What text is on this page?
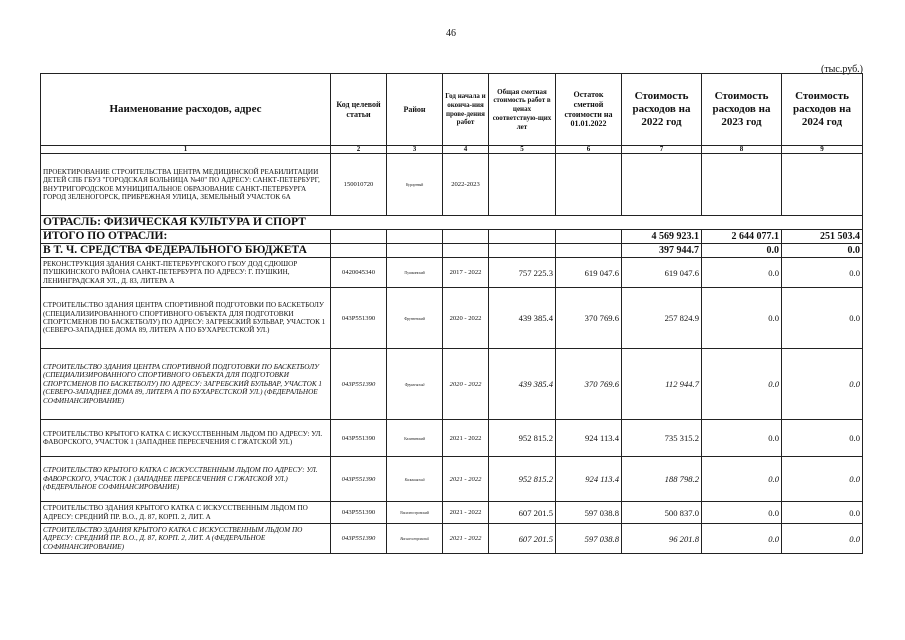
46
(тыс.руб.)
Наименование расходов, адрес	Код целевой статьи	Район	Год начала и оконча-ния прове-дения работ	Общая сметная стоимость работ в ценах соответствую-щих лет	Остаток сметной стоимости на 01.01.2022	Стоимость расходов на 2022 год	Стоимость расходов на 2023 год	Стоимость расходов на 2024 год
1	2	3	4	5	6	7	8	9
ПРОЕКТИРОВАНИЕ СТРОИТЕЛЬСТВА ЦЕНТРА МЕДИЦИНСКОЙ РЕАБИЛИТАЦИИ ДЕТЕЙ СПБ ГБУЗ "ГОРОДСКАЯ БОЛЬНИЦА №40" ПО АДРЕСУ: САНКТ-ПЕТЕРБУРГ, ВНУТРИГОРОДСКОЕ МУНИЦИПАЛЬНОЕ ОБРАЗОВАНИЕ САНКТ-ПЕТЕРБУРГА ГОРОД ЗЕЛЕНОГОРСК, ПРИБРЕЖНАЯ УЛИЦА, ЗЕМЕЛЬНЫЙ УЧАСТОК 6А	150010720	Курортный	2022-2023					
ОТРАСЛЬ: ФИЗИЧЕСКАЯ КУЛЬТУРА И СПОРТ								
ИТОГО ПО ОТРАСЛИ:						4 569 923.1	2 644 077.1	251 503.4
В Т. Ч. СРЕДСТВА ФЕДЕРАЛЬНОГО БЮДЖЕТА						397 944.7	0.0	0.0
РЕКОНСТРУКЦИЯ ЗДАНИЯ САНКТ-ПЕТЕРБУРГСКОГО ГБОУ ДОД СДЮШОР ПУШКИНСКОГО РАЙОНА САНКТ-ПЕТЕРБУРГА ПО АДРЕСУ: Г. ПУШКИН, ЛЕНИНГРАДСКАЯ УЛ., Д. 83, ЛИТЕРА А	0420045340	Пушкинский	2017 - 2022	757 225.3	619 047.6	619 047.6	0.0	0.0
СТРОИТЕЛЬСТВО ЗДАНИЯ ЦЕНТРА СПОРТИВНОЙ ПОДГОТОВКИ ПО БАСКЕТБОЛУ (СПЕЦИАЛИЗИРОВАННОГО СПОРТИВНОГО ОБЪЕКТА ДЛЯ ПОДГОТОВКИ СПОРТСМЕНОВ ПО БАСКЕТБОЛУ) ПО АДРЕСУ: ЗАГРЕБСКИЙ БУЛЬВАР, УЧАСТОК 1 (СЕВЕРО-ЗАПАДНЕЕ ДОМА 89, ЛИТЕРА А ПО БУХАРЕСТСКОЙ УЛ.)	043Р551390	Фрунзенский	2020 - 2022	439 385.4	370 769.6	257 824.9	0.0	0.0
СТРОИТЕЛЬСТВО ЗДАНИЯ ЦЕНТРА СПОРТИВНОЙ ПОДГОТОВКИ ПО БАСКЕТБОЛУ (СПЕЦИАЛИЗИРОВАННОГО СПОРТИВНОГО ОБЪЕКТА ДЛЯ ПОДГОТОВКИ СПОРТСМЕНОВ ПО БАСКЕТБОЛУ) ПО АДРЕСУ: ЗАГРЕБСКИЙ БУЛЬВАР, УЧАСТОК 1 (СЕВЕРО-ЗАПАДНЕЕ ДОМА 89, ЛИТЕРА А ПО БУХАРЕСТСКОЙ УЛ.) (ФЕДЕРАЛЬНОЕ СОФИНАНСИРОВАНИЕ)	043Р551390	Фрунзенский	2020 - 2022	439 385.4	370 769.6	112 944.7	0.0	0.0
СТРОИТЕЛЬСТВО КРЫТОГО КАТКА С ИСКУССТВЕННЫМ ЛЬДОМ ПО АДРЕСУ: УЛ. ФАВОРСКОГО, УЧАСТОК 1 (ЗАПАДНЕЕ ПЕРЕСЕЧЕНИЯ С ГЖАТСКОЙ УЛ.)	043Р551390	Калининский	2021 - 2022	952 815.2	924 113.4	735 315.2	0.0	0.0
СТРОИТЕЛЬСТВО КРЫТОГО КАТКА С ИСКУССТВЕННЫМ ЛЬДОМ ПО АДРЕСУ: УЛ. ФАВОРСКОГО, УЧАСТОК 1 (ЗАПАДНЕЕ ПЕРЕСЕЧЕНИЯ С ГЖАТСКОЙ УЛ.) (ФЕДЕРАЛЬНОЕ СОФИНАНСИРОВАНИЕ)	043Р551390	Калининский	2021 - 2022	952 815.2	924 113.4	188 798.2	0.0	0.0
СТРОИТЕЛЬСТВО ЗДАНИЯ КРЫТОГО КАТКА С ИСКУССТВЕННЫМ ЛЬДОМ ПО АДРЕСУ: СРЕДНИЙ ПР. В.О., Д. 87, КОРП. 2, ЛИТ. А	043Р551390	Василеостровский	2021 - 2022	607 201.5	597 038.8	500 837.0	0.0	0.0
СТРОИТЕЛЬСТВО ЗДАНИЯ КРЫТОГО КАТКА С ИСКУССТВЕННЫМ ЛЬДОМ ПО АДРЕСУ: СРЕДНИЙ ПР. В.О., Д. 87, КОРП. 2, ЛИТ. А (ФЕДЕРАЛЬНОЕ СОФИНАНСИРОВАНИЕ)	043Р551390	Василеостровский	2021 - 2022	607 201.5	597 038.8	96 201.8	0.0	0.0
